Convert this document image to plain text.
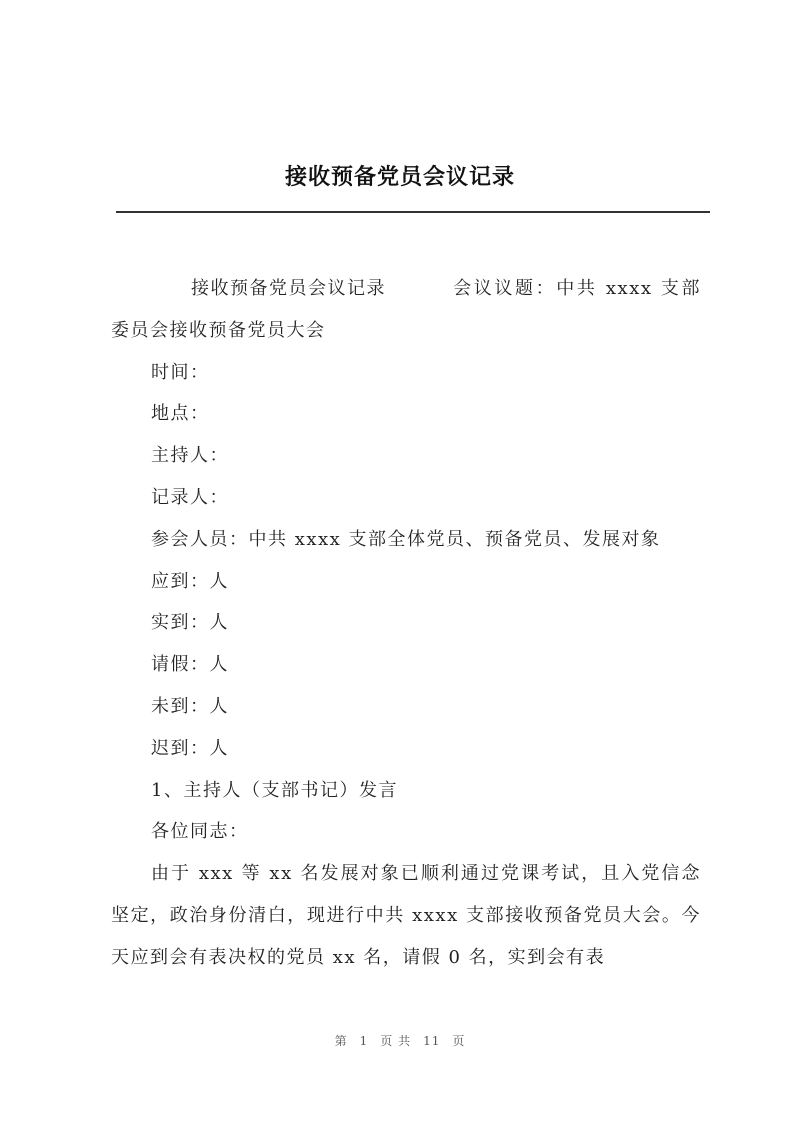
接收预备党员会议记录

接收预备党员会议记录	会议议题：中共 xxxx 支部委员会接收预备党员大会

时间：

地点：

主持人：

记录人：

参会人员：中共 xxxx 支部全体党员、预备党员、发展对象

应到：人

实到：人

请假：人

未到：人

迟到：人

1、主持人（支部书记）发言

各位同志：

由于 xxx 等 xx 名发展对象已顺利通过党课考试，且入党信念坚定，政治身份清白，现进行中共 xxxx 支部接收预备党员大会。今天应到会有表决权的党员 xx 名，请假 0 名，实到会有表

第 1 页 共 11 页
